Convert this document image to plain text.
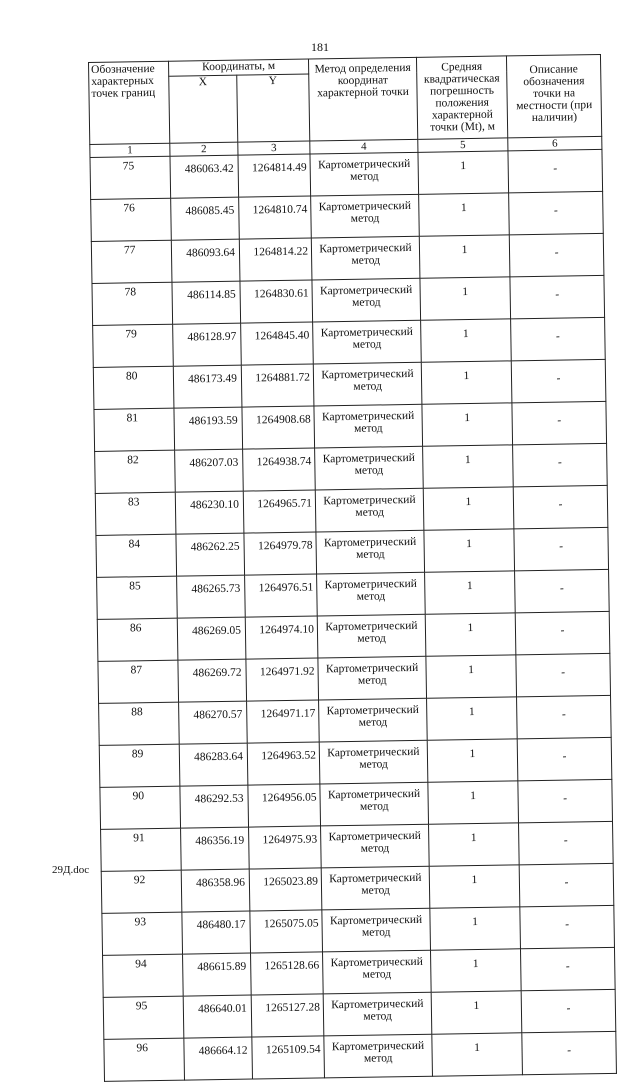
181
Обозначение характерных точек границ	Координаты, м		Метод определения координат характерной точки	Средняя квадратическая погрешность положения характерной точки (Mt), м	Описание обозначения точки на местности (при наличии)
	X	Y			
1	2	3	4	5	6
75	486063.42	1264814.49	Картометрический метод	1	-
76	486085.45	1264810.74	Картометрический метод	1	-
77	486093.64	1264814.22	Картометрический метод	1	-
78	486114.85	1264830.61	Картометрический метод	1	-
79	486128.97	1264845.40	Картометрический метод	1	-
80	486173.49	1264881.72	Картометрический метод	1	-
81	486193.59	1264908.68	Картометрический метод	1	-
82	486207.03	1264938.74	Картометрический метод	1	-
83	486230.10	1264965.71	Картометрический метод	1	-
84	486262.25	1264979.78	Картометрический метод	1	-
85	486265.73	1264976.51	Картометрический метод	1	-
86	486269.05	1264974.10	Картометрический метод	1	-
87	486269.72	1264971.92	Картометрический метод	1	-
88	486270.57	1264971.17	Картометрический метод	1	-
89	486283.64	1264963.52	Картометрический метод	1	-
90	486292.53	1264956.05	Картометрический метод	1	-
91	486356.19	1264975.93	Картометрический метод	1	-
92	486358.96	1265023.89	Картометрический метод	1	-
93	486480.17	1265075.05	Картометрический метод	1	-
94	486615.89	1265128.66	Картометрический метод	1	-
95	486640.01	1265127.28	Картометрический метод	1	-
96	486664.12	1265109.54	Картометрический метод	1	-
29Д.doc
